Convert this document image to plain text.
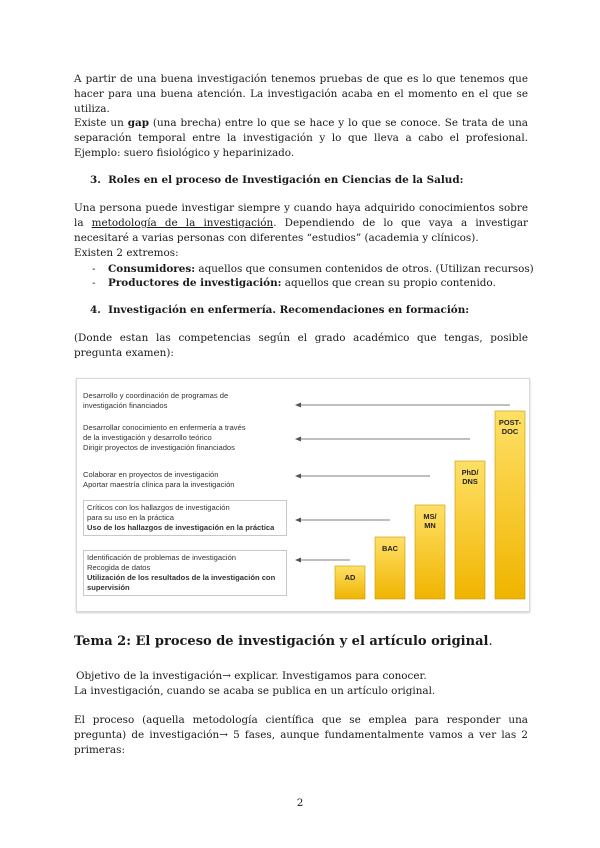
A partir de una buena investigación tenemos pruebas de que es lo que tenemos que hacer para una buena atención. La investigación acaba en el momento en el que se utiliza.

Existe un gap (una brecha) entre lo que se hace y lo que se conoce. Se trata de una separación temporal entre la investigación y lo que lleva a cabo el profesional. Ejemplo: suero fisiológico y heparinizado.

3. Roles en el proceso de Investigación en Ciencias de la Salud:

Una persona puede investigar siempre y cuando haya adquirido conocimientos sobre la metodología de la investigación. Dependiendo de lo que vaya a investigar necesitaré a varias personas con diferentes “estudios” (academia y clínicos).

Existen 2 extremos:

- Consumidores: aquellos que consumen contenidos de otros. (Utilizan recursos)
- Productores de investigación: aquellos que crean su propio contenido.

4. Investigación en enfermería. Recomendaciones en formación:

(Donde estan las competencias según el grado académico que tengas, posible pregunta examen):

AD
BAC
MS/
MN
PhD/
DNS
POST-
DOC
Desarrollo y coordinación de programas de
investigación financiados
Desarrollar conocimiento en enfermería a través
de la investigación y desarrollo teórico
Dirigir proyectos de investigación financiados
Colaborar en proyectos de investigación
Aportar maestría clínica para la investigación
Críticos con los hallazgos de investigación
para su uso en la práctica
Uso de los hallazgos de investigación en la práctica
Identificación de problemas de investigación
Recogida de datos
Utilización de los resultados de la investigación con
supervisión

Tema 2: El proceso de investigación y el artículo original.

Objetivo de la investigación→ explicar. Investigamos para conocer.

La investigación, cuando se acaba se publica en un artículo original.

El proceso (aquella metodología científica que se emplea para responder una pregunta) de investigación→ 5 fases, aunque fundamentalmente vamos a ver las 2 primeras:

2
